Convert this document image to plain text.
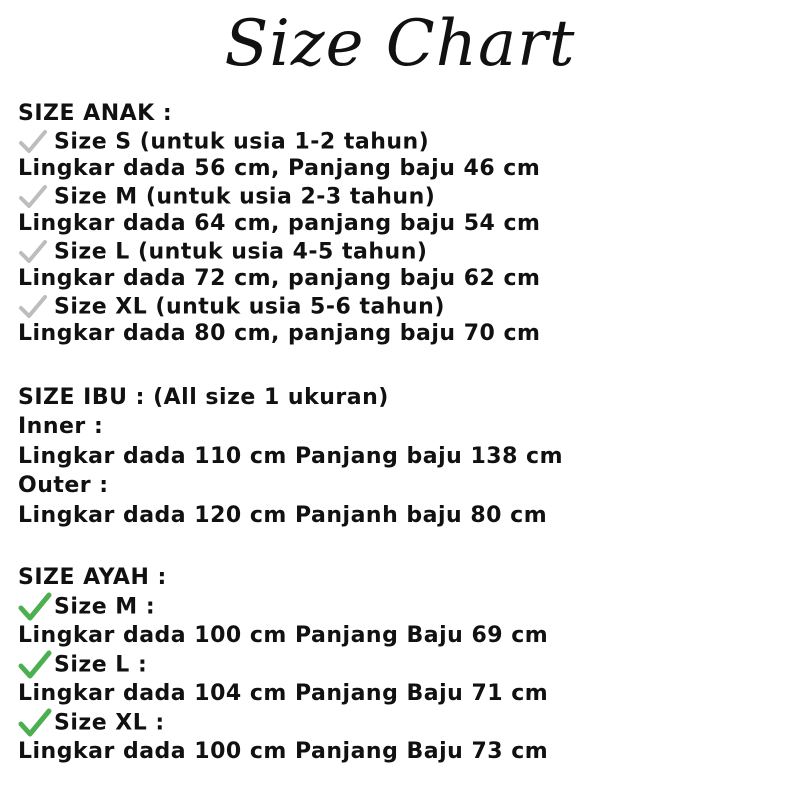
Size Chart
SIZE ANAK :
Size S (untuk usia 1-2 tahun)
Lingkar dada 56 cm, Panjang baju 46 cm
Size M (untuk usia 2-3 tahun)
Lingkar dada 64 cm, panjang baju 54 cm
Size L (untuk usia 4-5 tahun)
Lingkar dada 72 cm, panjang baju 62 cm
Size XL (untuk usia 5-6 tahun)
Lingkar dada 80 cm, panjang baju 70 cm
SIZE IBU : (All size 1 ukuran)
Inner :
Lingkar dada 110 cm Panjang baju 138 cm
Outer :
Lingkar dada 120 cm Panjanh baju 80 cm
SIZE AYAH :
Size M :
Lingkar dada 100 cm Panjang Baju 69 cm
Size L :
Lingkar dada 104 cm Panjang Baju 71 cm
Size XL :
Lingkar dada 100 cm Panjang Baju 73 cm
